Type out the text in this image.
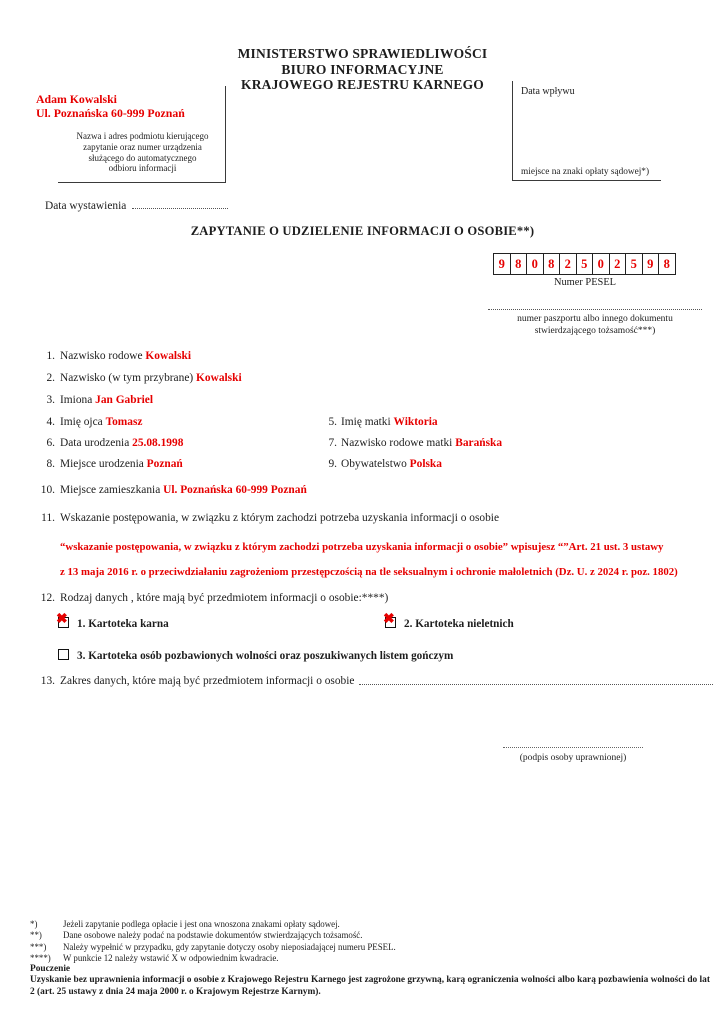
MINISTERSTWO SPRAWIEDLIWOŚCI
BIURO INFORMACYJNE
KRAJOWEGO REJESTRU KARNEGO
Adam Kowalski
Ul. Poznańska 60-999 Poznań
Nazwa i adres podmiotu kierującego
zapytanie oraz numer urządzenia
służącego do automatycznego
odbioru informacji
Data wpływu
miejsce na znaki opłaty sądowej*)
Data wystawienia
ZAPYTANIE O UDZIELENIE INFORMACJI O OSOBIE**)
9 8 0 8 2 5 0 2 5 9 8
Numer PESEL
numer paszportu albo innego dokumentu
stwierdzającego tożsamość***)
1. Nazwisko rodowe Kowalski
2. Nazwisko (w tym przybrane) Kowalski
3. Imiona Jan Gabriel
4. Imię ojca Tomasz	5. Imię matki Wiktoria
6. Data urodzenia 25.08.1998	7. Nazwisko rodowe matki Barańska
8. Miejsce urodzenia Poznań	9. Obywatelstwo Polska
10. Miejsce zamieszkania Ul. Poznańska 60-999 Poznań
11. Wskazanie postępowania, w związku z którym zachodzi potrzeba uzyskania informacji o osobie
“wskazanie postępowania, w związku z którym zachodzi potrzeba uzyskania informacji o osobie” wpisujesz “”Art. 21 ust. 3 ustawy
z 13 maja 2016 r. o przeciwdziałaniu zagrożeniom przestępczością na tle seksualnym i ochronie małoletnich (Dz. U. z 2024 r. poz. 1802)
12. Rodzaj danych , które mają być przedmiotem informacji o osobie:****)
✖1. Kartoteka karna ✖	2. Kartoteka nieletnich
3. Kartoteka osób pozbawionych wolności oraz poszukiwanych listem gończym
13. Zakres danych, które mają być przedmiotem informacji o osobie
(podpis osoby uprawnionej)
*)	Jeżeli zapytanie podlega opłacie i jest ona wnoszona znakami opłaty sądowej.
**) Dane osobowe należy podać na podstawie dokumentów stwierdzających tożsamość.
***) Należy wypełnić w przypadku, gdy zapytanie dotyczy osoby nieposiadającej numeru PESEL.
****) W punkcie 12 należy wstawić X w odpowiednim kwadracie.
Pouczenie
Uzyskanie bez uprawnienia informacji o osobie z Krajowego Rejestru Karnego jest zagrożone grzywną, karą ograniczenia wolności albo karą pozbawienia wolności do lat 2 (art. 25 ustawy z dnia 24 maja 2000 r. o Krajowym Rejestrze Karnym).
